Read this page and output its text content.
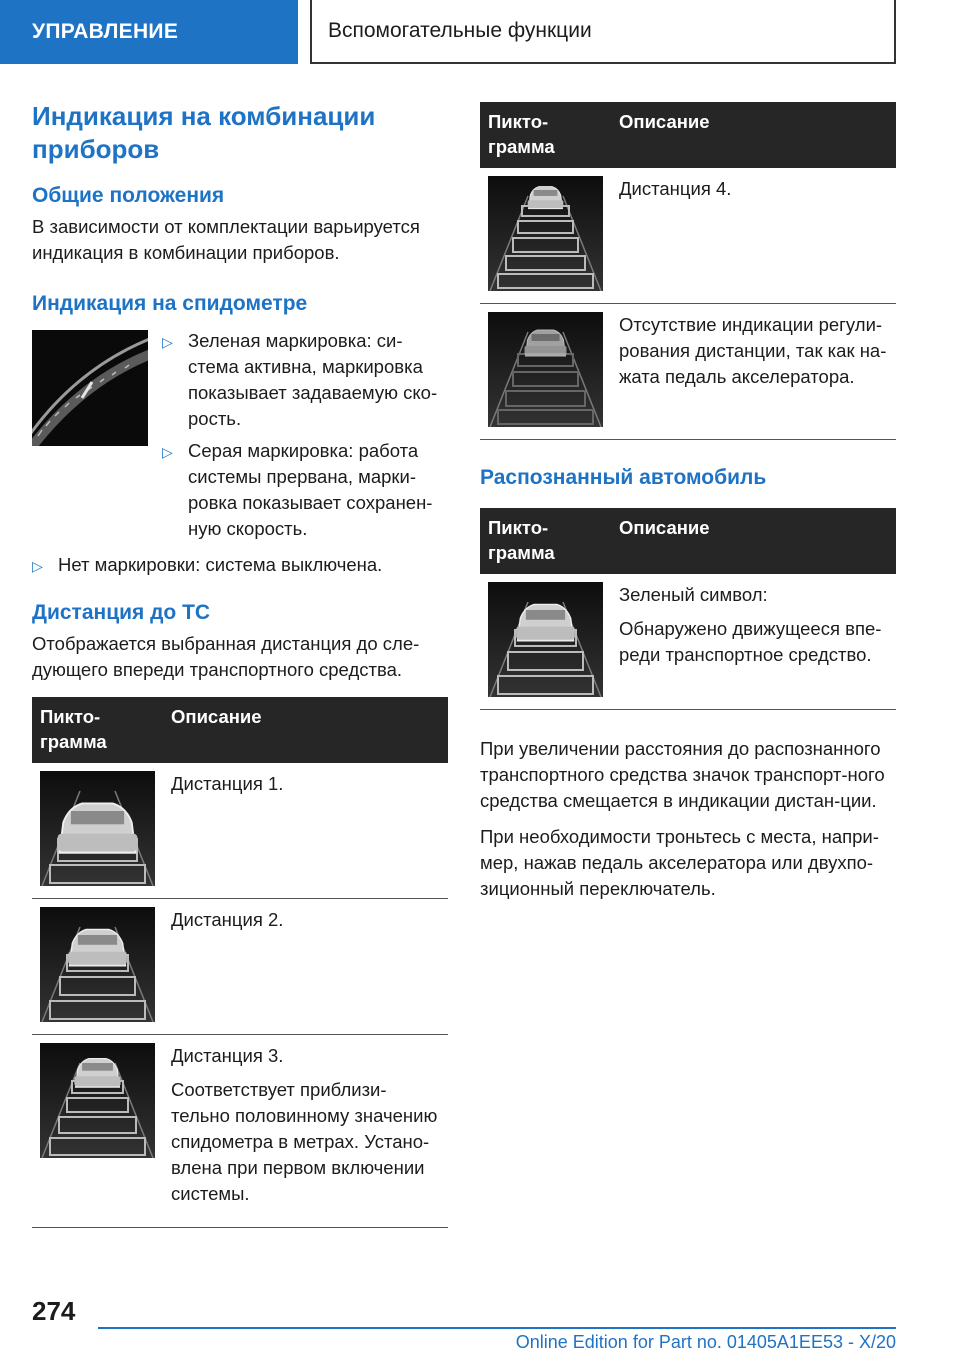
УПРАВЛЕНИЕ	Вспомогательные функции
Индикация на комбинации приборов
Общие положения

В зависимости от комплектации варьируется индикация в комбинации приборов.

Индикация на спидометре
▷ Зеленая маркировка: си-стема активна, маркировка показывает задаваемую ско-рость.
▷ Серая маркировка: работа системы прервана, марки-ровка показывает сохранен-ную скорость.
▷ Нет маркировки: система выключена.
Дистанция до ТС

Отображается выбранная дистанция до сле-дующего впереди транспортного средства.

Пикто-грамма	Описание

Дистанция 1.

Дистанция 2.

Дистанция 3.

Соответствует приблизи-тельно половинному значению спидометра в метрах. Устано-влена при первом включении системы.

Пикто-грамма	Описание

Дистанция 4.

Отсутствие индикации регули-рования дистанции, так как на-жата педаль акселератора.

Распознанный автомобиль
Пикто-грамма	Описание

Зеленый символ:

Обнаружено движущееся впе-реди транспортное средство.

При увеличении расстояния до распознанного транспортного средства значок транспорт-ного средства смещается в индикации дистан-ции.

При необходимости троньтесь с места, напри-мер, нажав педаль акселератора или двухпо-зиционный переключатель.

274
Online Edition for Part no. 01405A1EE53 - X/20
